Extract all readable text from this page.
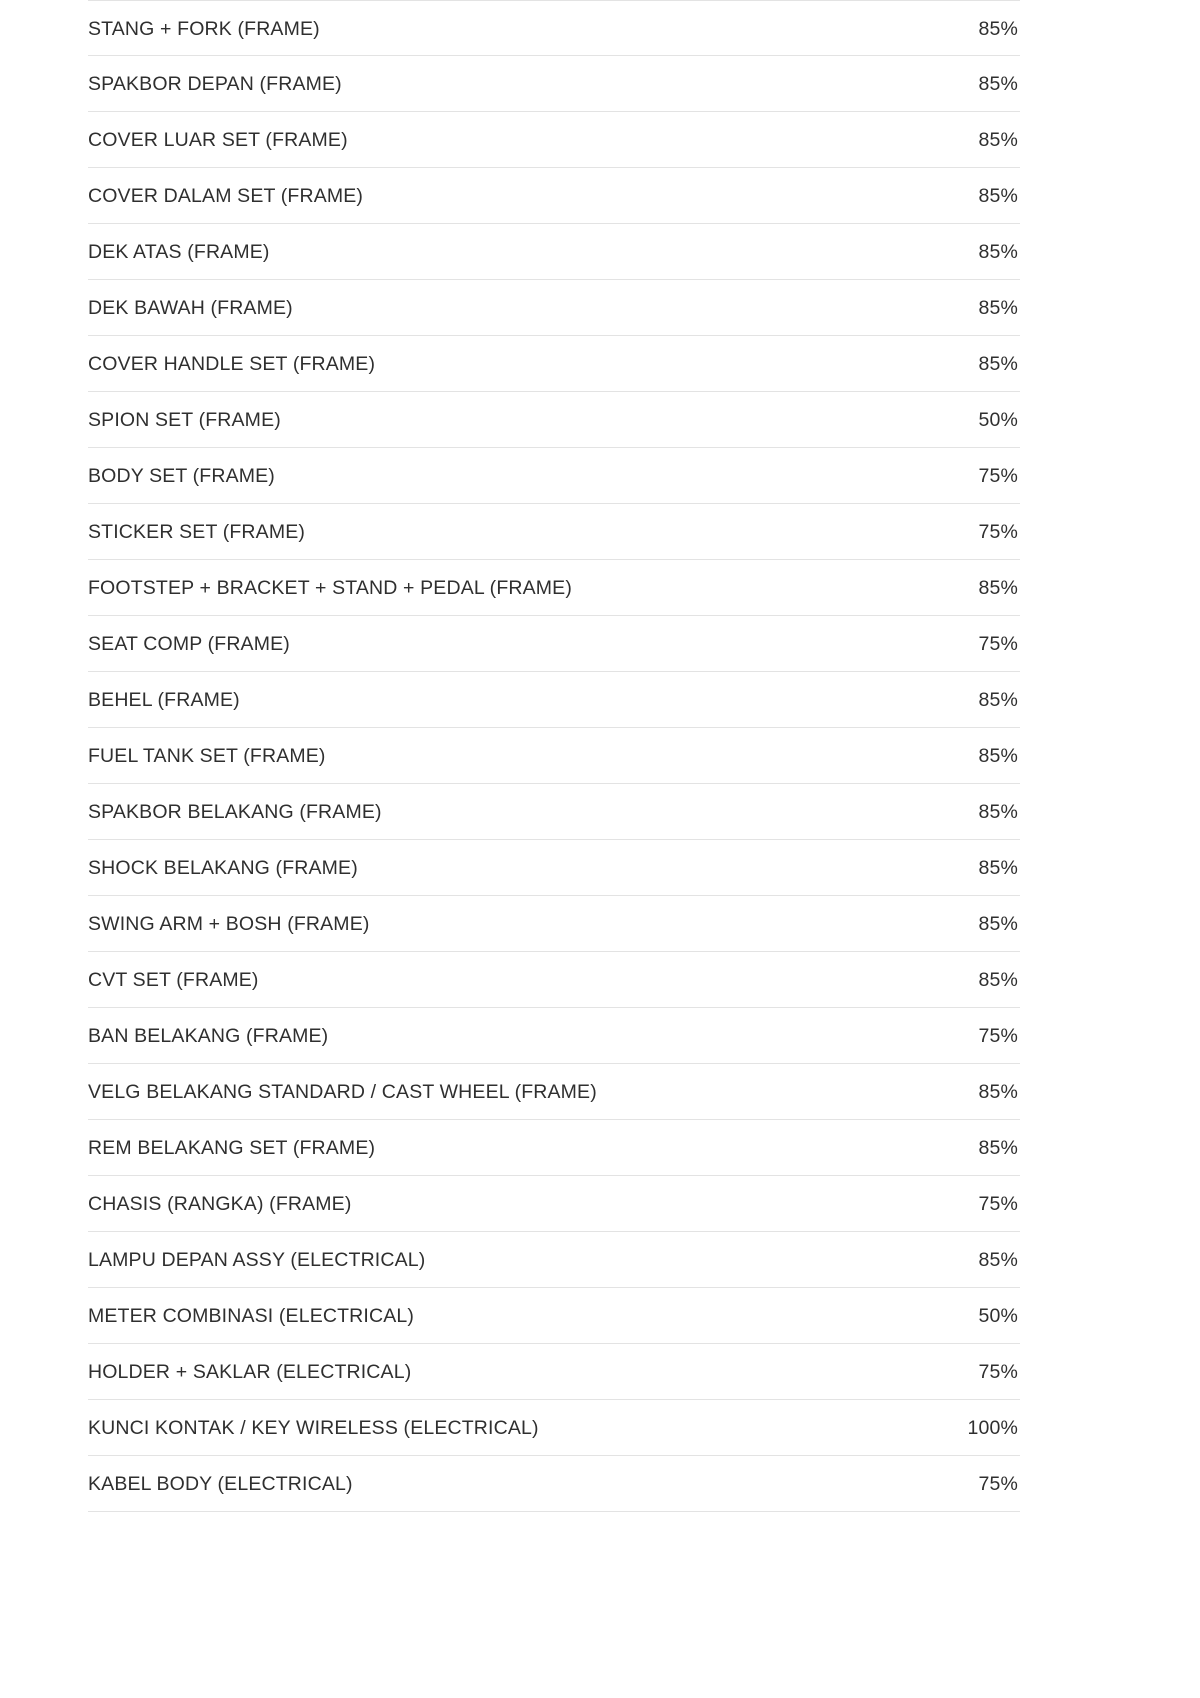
STANG + FORK (FRAME)	85%
SPAKBOR DEPAN (FRAME)	85%
COVER LUAR SET (FRAME)	85%
COVER DALAM SET (FRAME)	85%
DEK ATAS (FRAME)	85%
DEK BAWAH (FRAME)	85%
COVER HANDLE SET (FRAME)	85%
SPION SET (FRAME)	50%
BODY SET (FRAME)	75%
STICKER SET (FRAME)	75%
FOOTSTEP + BRACKET + STAND + PEDAL (FRAME)	85%
SEAT COMP (FRAME)	75%
BEHEL (FRAME)	85%
FUEL TANK SET (FRAME)	85%
SPAKBOR BELAKANG (FRAME)	85%
SHOCK BELAKANG (FRAME)	85%
SWING ARM + BOSH (FRAME)	85%
CVT SET (FRAME)	85%
BAN BELAKANG (FRAME)	75%
VELG BELAKANG STANDARD / CAST WHEEL (FRAME)	85%
REM BELAKANG SET (FRAME)	85%
CHASIS (RANGKA) (FRAME)	75%
LAMPU DEPAN ASSY (ELECTRICAL)	85%
METER COMBINASI (ELECTRICAL)	50%
HOLDER + SAKLAR (ELECTRICAL)	75%
KUNCI KONTAK / KEY WIRELESS (ELECTRICAL)	100%
KABEL BODY (ELECTRICAL)	75%
